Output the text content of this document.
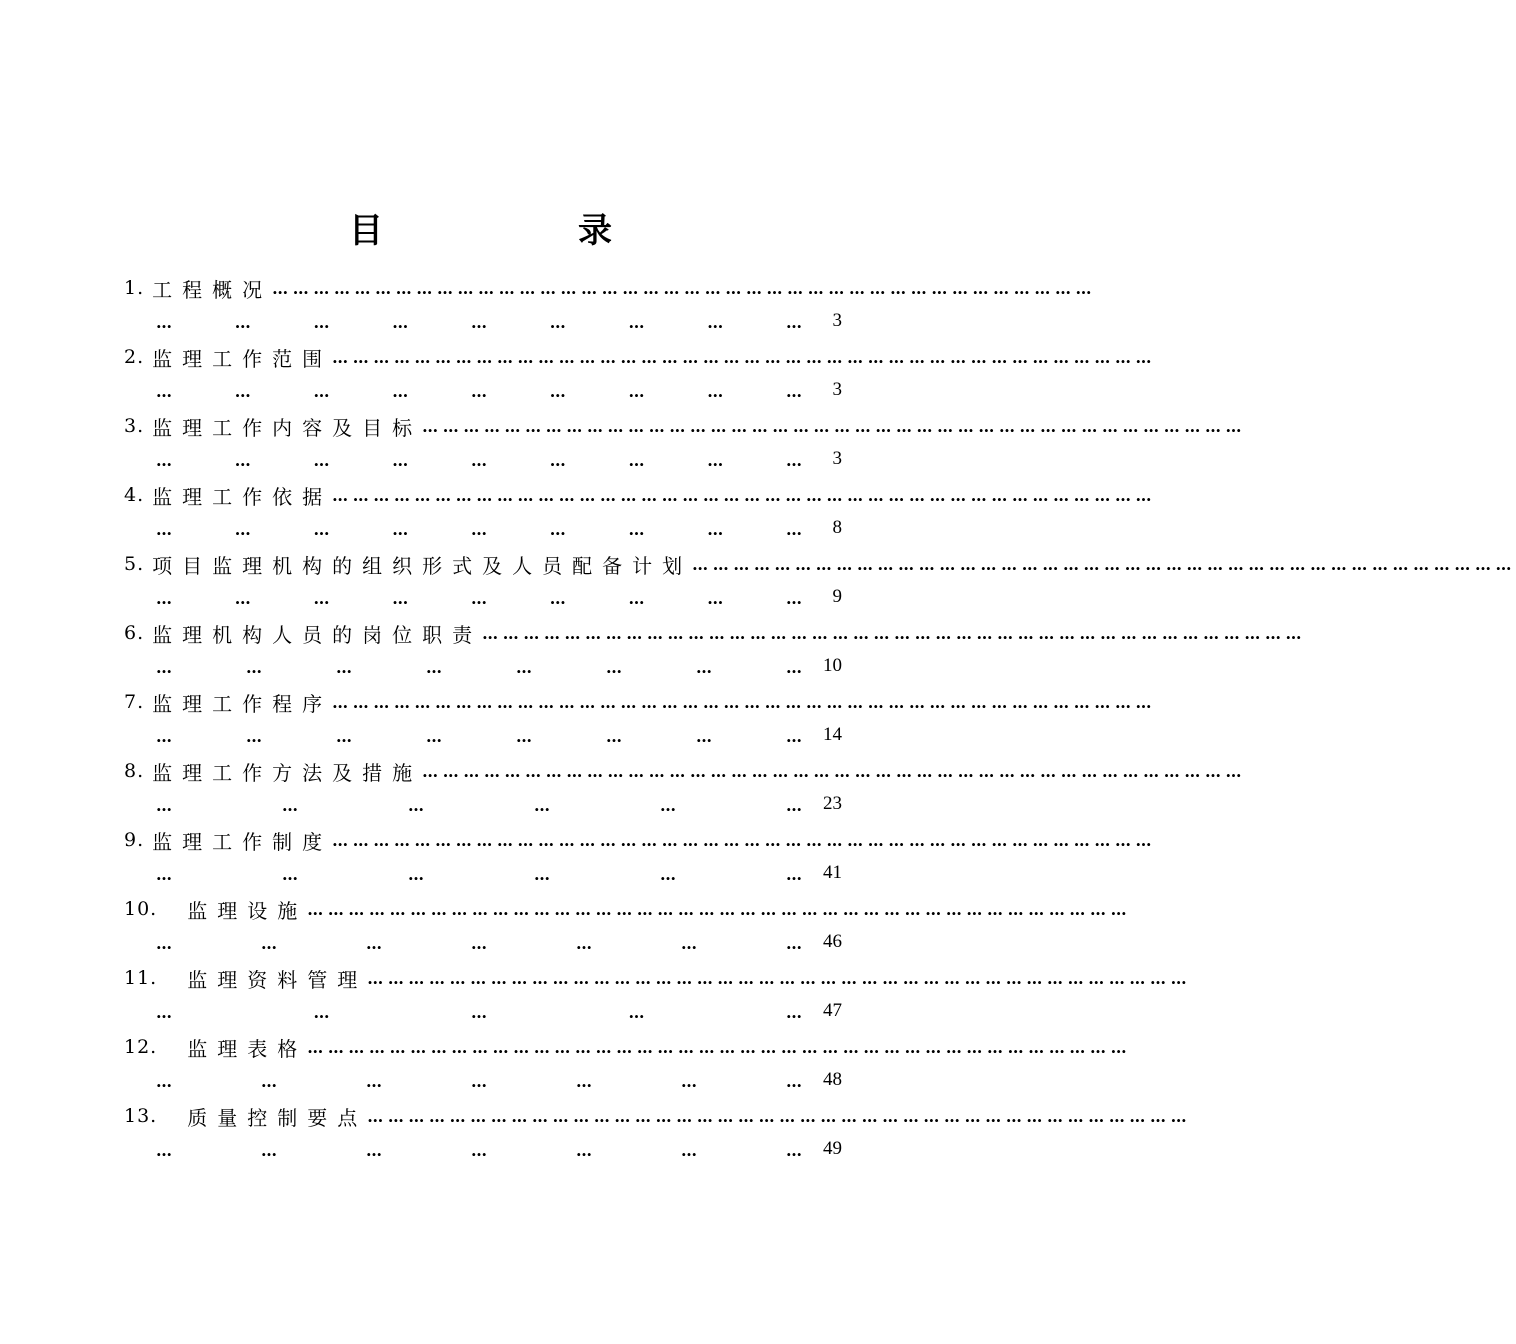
目	录
1. 工程概况 …………………………………………………………………………………………………………
…	…	…	…	…	…	…	…	… 3
2. 监理工作范围 …………………………………………………………………………………………………………
…	…	…	…	…	…	…	…	… 3
3. 监理工作内容及目标 …………………………………………………………………………………………………………
…	…	…	…	…	…	…	…	… 3
4. 监理工作依据 …………………………………………………………………………………………………………
…	…	…	…	…	…	…	…	… 8
5. 项目监理机构的组织形式及人员配备计划 …………………………………………………………………………………………………………
…	…	…	…	…	…	…	…	… 9
6. 监理机构人员的岗位职责 …………………………………………………………………………………………………………
…	…	…	…	…	…	…	… 10
7. 监理工作程序 …………………………………………………………………………………………………………
…	…	…	…	…	…	…	… 14
8. 监理工作方法及措施 …………………………………………………………………………………………………………
…	…	…	…	…	… 23
9. 监理工作制度 …………………………………………………………………………………………………………
…	…	…	…	…	… 41
10. 监理设施 …………………………………………………………………………………………………………
…	…	…	…	…	…	… 46
11. 监理资料管理 …………………………………………………………………………………………………………
…	…	…	…	… 47
12. 监理表格 …………………………………………………………………………………………………………
…	…	…	…	…	…	… 48
13. 质量控制要点 …………………………………………………………………………………………………………
…	…	…	…	…	…	… 49
